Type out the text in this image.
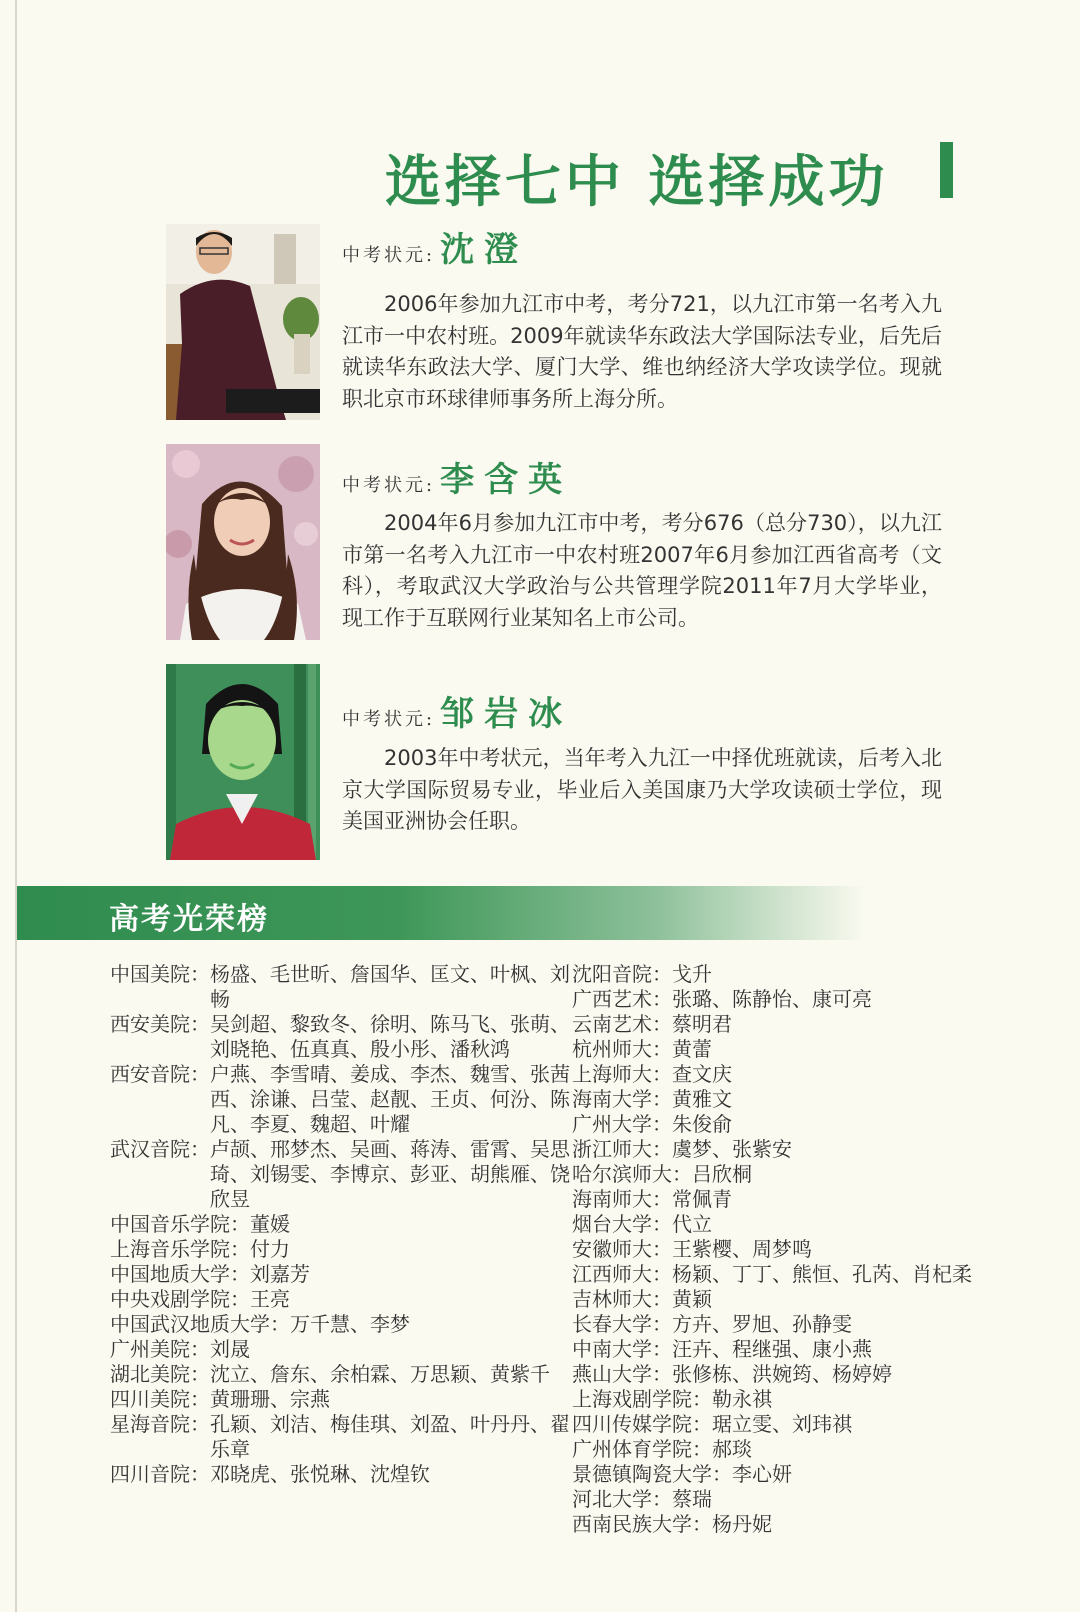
选择七中 选择成功
中考状元: 沈澄
2006年参加九江市中考，考分721，以九江市第一名考入九江市一中农村班。2009年就读华东政法大学国际法专业，后先后就读华东政法大学、厦门大学、维也纳经济大学攻读学位。现就职北京市环球律师事务所上海分所。
中考状元: 李含英
2004年6月参加九江市中考，考分676（总分730），以九江市第一名考入九江市一中农村班2007年6月参加江西省高考（文科），考取武汉大学政治与公共管理学院2011年7月大学毕业，现工作于互联网行业某知名上市公司。
中考状元: 邹岩冰
2003年中考状元，当年考入九江一中择优班就读，后考入北京大学国际贸易专业，毕业后入美国康乃大学攻读硕士学位，现美国亚洲协会任职。
高考光荣榜
中国美院： 杨盛、毛世昕、詹国华、匡文、叶枫、刘畅
西安美院： 吴剑超、黎致冬、徐明、陈马飞、张萌、刘晓艳、伍真真、殷小彤、潘秋鸿
西安音院： 户燕、李雪晴、姜成、李杰、魏雪、张茜西、涂谦、吕莹、赵靓、王贞、何汾、陈凡、李夏、魏超、叶耀
武汉音院： 卢颉、邢梦杰、吴画、蒋涛、雷霄、吴思琦、刘锡雯、李博京、彭亚、胡熊雁、饶欣昱
中国音乐学院： 董媛
上海音乐学院： 付力
中国地质大学： 刘嘉芳
中央戏剧学院： 王亮
中国武汉地质大学： 万千慧、李梦
广州美院： 刘晟
湖北美院： 沈立、詹东、余柏霖、万思颖、黄紫千
四川美院： 黄珊珊、宗燕
星海音院： 孔颖、刘洁、梅佳琪、刘盈、叶丹丹、翟乐章
四川音院： 邓晓虎、张悦琳、沈煌钦
沈阳音院： 戈升
广西艺术： 张璐、陈静怡、康可亮
云南艺术： 蔡明君
杭州师大： 黄蕾
上海师大： 查文庆
海南大学： 黄雅文
广州大学： 朱俊俞
浙江师大： 虞梦、张紫安
哈尔滨师大： 吕欣桐
海南师大： 常佩青
烟台大学： 代立
安徽师大： 王紫樱、周梦鸣
江西师大： 杨颖、丁丁、熊恒、孔芮、肖杞柔
吉林师大： 黄颖
长春大学： 方卉、罗旭、孙静雯
中南大学： 汪卉、程继强、康小燕
燕山大学： 张修栋、洪婉筠、杨婷婷
上海戏剧学院： 勒永祺
四川传媒学院： 琚立雯、刘玮祺
广州体育学院： 郝琰
景德镇陶瓷大学： 李心妍
河北大学： 蔡瑞
西南民族大学： 杨丹妮
